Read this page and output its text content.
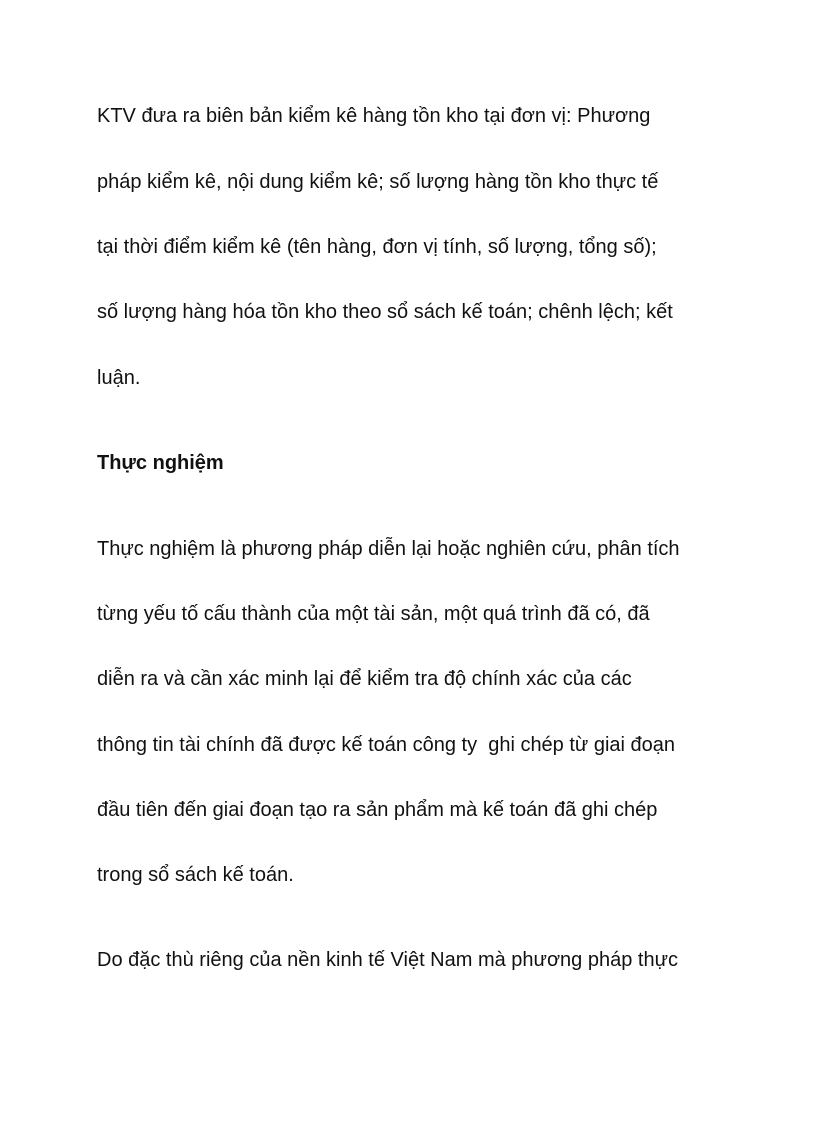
KTV đưa ra biên bản kiểm kê hàng tồn kho tại đơn vị: Phương

pháp kiểm kê, nội dung kiểm kê; số lượng hàng tồn kho thực tế

tại thời điểm kiểm kê (tên hàng, đơn vị tính, số lượng, tổng số);

số lượng hàng hóa tồn kho theo sổ sách kế toán; chênh lệch; kết

luận.

Thực nghiệm

Thực nghiệm là phương pháp diễn lại hoặc nghiên cứu, phân tích

từng yếu tố cấu thành của một tài sản, một quá trình đã có, đã

diễn ra và cần xác minh lại để kiểm tra độ chính xác của các

thông tin tài chính đã được kế toán công ty  ghi chép từ giai đoạn

đầu tiên đến giai đoạn tạo ra sản phẩm mà kế toán đã ghi chép

trong sổ sách kế toán.

Do đặc thù riêng của nền kinh tế Việt Nam mà phương pháp thực
